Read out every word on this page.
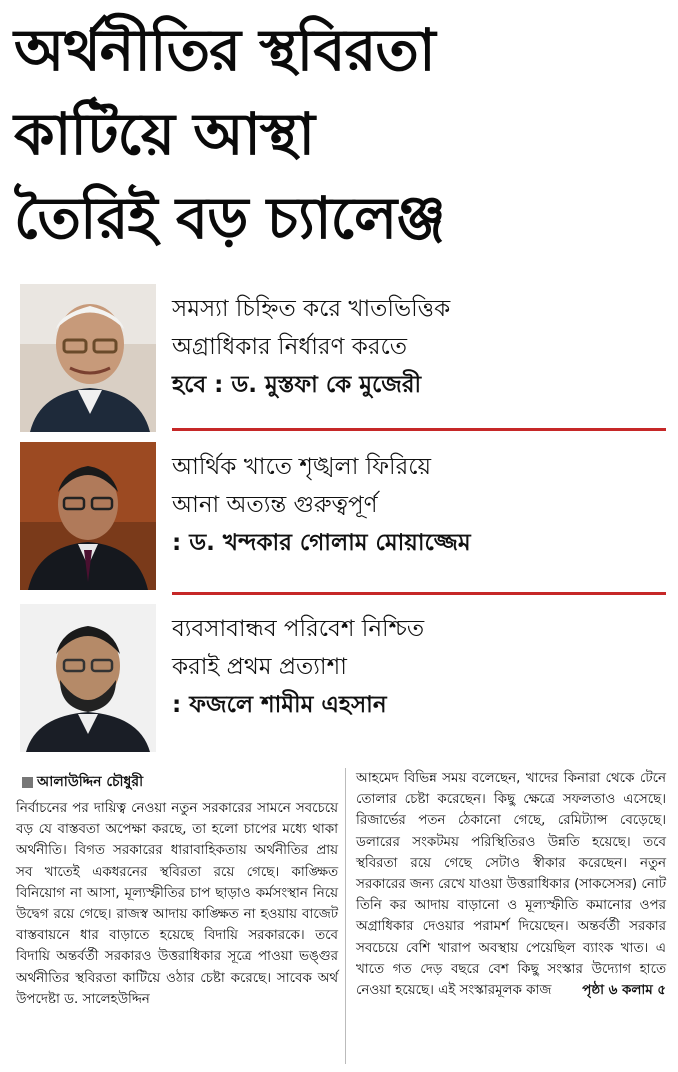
অর্থনীতির স্থবিরতা
কাটিয়ে আস্থা
তৈরিই বড় চ্যালেঞ্জ
সমস্যা চিহ্নিত করে খাতভিত্তিক
অগ্রাধিকার নির্ধারণ করতে
হবে : ড. মুস্তফা কে মুজেরী
আর্থিক খাতে শৃঙ্খলা ফিরিয়ে
আনা অত্যন্ত গুরুত্বপূর্ণ
: ড. খন্দকার গোলাম মোয়াজ্জেম
ব্যবসাবান্ধব পরিবেশ নিশ্চিত
করাই প্রথম প্রত্যাশা
: ফজলে শামীম এহসান
আলাউদ্দিন চৌধুরী
নির্বাচনের পর দায়িত্ব নেওয়া নতুন সরকারের সামনে সবচেয়ে বড় যে বাস্তবতা অপেক্ষা করছে, তা হলো চাপের মধ্যে থাকা অর্থনীতি। বিগত সরকারের ধারাবাহিকতায় অর্থনীতির প্রায় সব খাতেই একধরনের স্থবিরতা রয়ে গেছে। কাঙ্ক্ষিত বিনিয়োগ না আসা, মূল্যস্ফীতির চাপ ছাড়াও কর্মসংস্থান নিয়ে উদ্বেগ রয়ে গেছে। রাজস্ব আদায় কাঙ্ক্ষিত না হওয়ায় বাজেট বাস্তবায়নে ধার বাড়াতে হয়েছে বিদায়ি সরকারকে। তবে বিদায়ি অন্তর্বর্তী সরকারও উত্তরাধিকার সূত্রে পাওয়া ভঙ্গুর অর্থনীতির স্থবিরতা কাটিয়ে ওঠার চেষ্টা করেছে। সাবেক অর্থ উপদেষ্টা ড. সালেহউদ্দিন
আহমেদ বিভিন্ন সময় বলেছেন, খাদের কিনারা থেকে টেনে তোলার চেষ্টা করেছেন। কিছু ক্ষেত্রে সফলতাও এসেছে। রিজার্ভের পতন ঠেকানো গেছে, রেমিট্যান্স বেড়েছে। ডলারের সংকটময় পরিস্থিতিরও উন্নতি হয়েছে। তবে স্থবিরতা রয়ে গেছে সেটাও স্বীকার করেছেন। নতুন সরকারের জন্য রেখে যাওয়া উত্তরাধিকার (সাকসেসর) নোট তিনি কর আদায় বাড়ানো ও মূল্যস্ফীতি কমানোর ওপর অগ্রাধিকার দেওয়ার পরামর্শ দিয়েছেন। অন্তর্বর্তী সরকার সবচেয়ে বেশি খারাপ অবস্থায় পেয়েছিল ব্যাংক খাত। এ খাতে গত দেড় বছরে বেশ কিছু সংস্কার উদ্যোগ হাতে নেওয়া হয়েছে। এই সংস্কারমূলক কাজ পৃষ্ঠা ৬ কলাম ৫
